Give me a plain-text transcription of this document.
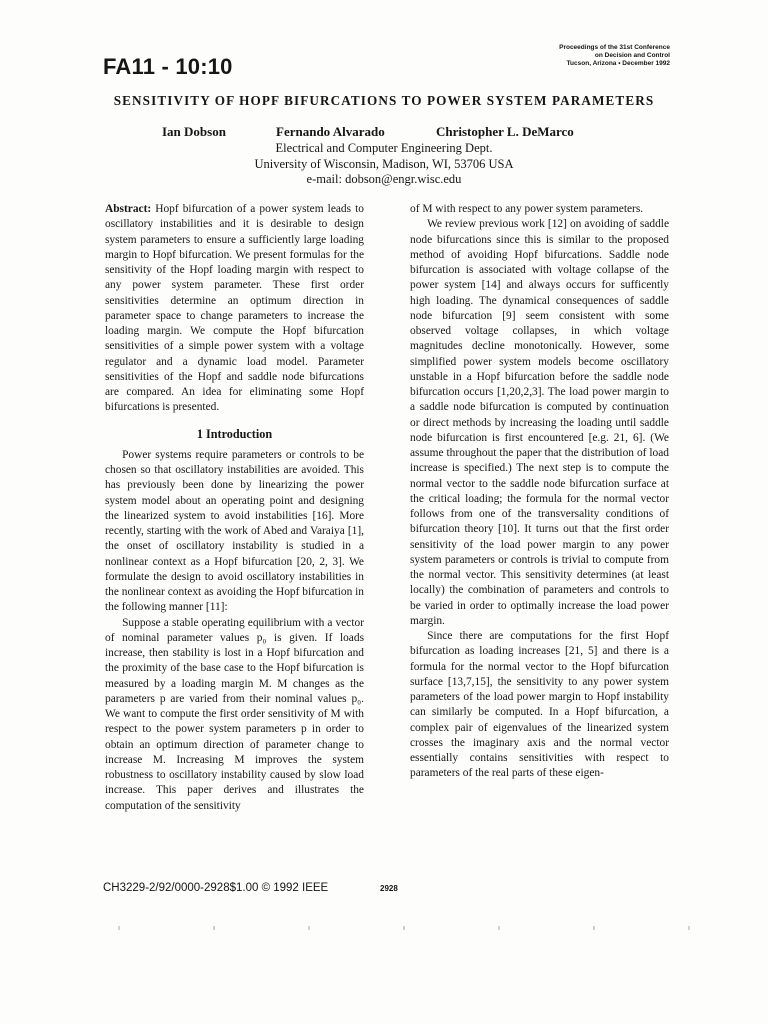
FA11 - 10:10
Proceedings of the 31st Conference
on Decision and Control
Tucson, Arizona • December 1992
SENSITIVITY OF HOPF BIFURCATIONS TO POWER SYSTEM PARAMETERS
Ian Dobson	Fernando Alvarado	Christopher L. DeMarco
Electrical and Computer Engineering Dept.
University of Wisconsin, Madison, WI, 53706 USA
e-mail: dobson@engr.wisc.edu

Abstract: Hopf bifurcation of a power system leads to oscillatory instabilities and it is desirable to design system parameters to ensure a sufficiently large loading margin to Hopf bifurcation. We present formulas for the sensitivity of the Hopf loading margin with respect to any power system parameter. These first order sensitivities determine an optimum direction in parameter space to change parameters to increase the loading margin. We compute the Hopf bifurcation sensitivities of a simple power system with a voltage regulator and a dynamic load model. Parameter sensitivities of the Hopf and saddle node bifurcations are compared. An idea for eliminating some Hopf bifurcations is presented.

1 Introduction

Power systems require parameters or controls to be chosen so that oscillatory instabilities are avoided. This has previously been done by linearizing the power system model about an operating point and designing the linearized system to avoid instabilities [16]. More recently, starting with the work of Abed and Varaiya [1], the onset of oscillatory instability is studied in a nonlinear context as a Hopf bifurcation [20, 2, 3]. We formulate the design to avoid oscillatory instabilities in the nonlinear context as avoiding the Hopf bifurcation in the following manner [11]:

Suppose a stable operating equilibrium with a vector of nominal parameter values p₀ is given. If loads increase, then stability is lost in a Hopf bifurcation and the proximity of the base case to the Hopf bifurcation is measured by a loading margin M. M changes as the parameters p are varied from their nominal values p₀. We want to compute the first order sensitivity of M with respect to the power system parameters p in order to obtain an optimum direction of parameter change to increase M. Increasing M improves the system robustness to oscillatory instability caused by slow load increase. This paper derives and illustrates the computation of the sensitivity

of M with respect to any power system parameters.

We review previous work [12] on avoiding of saddle node bifurcations since this is similar to the proposed method of avoiding Hopf bifurcations. Saddle node bifurcation is associated with voltage collapse of the power system [14] and always occurs for sufficently high loading. The dynamical consequences of saddle node bifurcation [9] seem consistent with some observed voltage collapses, in which voltage magnitudes decline monotonically. However, some simplified power system models become oscillatory unstable in a Hopf bifurcation before the saddle node bifurcation occurs [1,20,2,3]. The load power margin to a saddle node bifurcation is computed by continuation or direct methods by increasing the loading until saddle node bifurcation is first encountered [e.g. 21, 6]. (We assume throughout the paper that the distribution of load increase is specified.) The next step is to compute the normal vector to the saddle node bifurcation surface at the critical loading; the formula for the normal vector follows from one of the transversality conditions of bifurcation theory [10]. It turns out that the first order sensitivity of the load power margin to any power system parameters or controls is trivial to compute from the normal vector. This sensitivity determines (at least locally) the combination of parameters and controls to be varied in order to optimally increase the load power margin.

Since there are computations for the first Hopf bifurcation as loading increases [21, 5] and there is a formula for the normal vector to the Hopf bifurcation surface [13,7,15], the sensitivity to any power system parameters of the load power margin to Hopf instability can similarly be computed. In a Hopf bifurcation, a complex pair of eigenvalues of the linearized system crosses the imaginary axis and the normal vector essentially contains sensitivities with respect to parameters of the real parts of these eigen-

CH3229-2/92/0000-2928$1.00 © 1992 IEEE	2928
